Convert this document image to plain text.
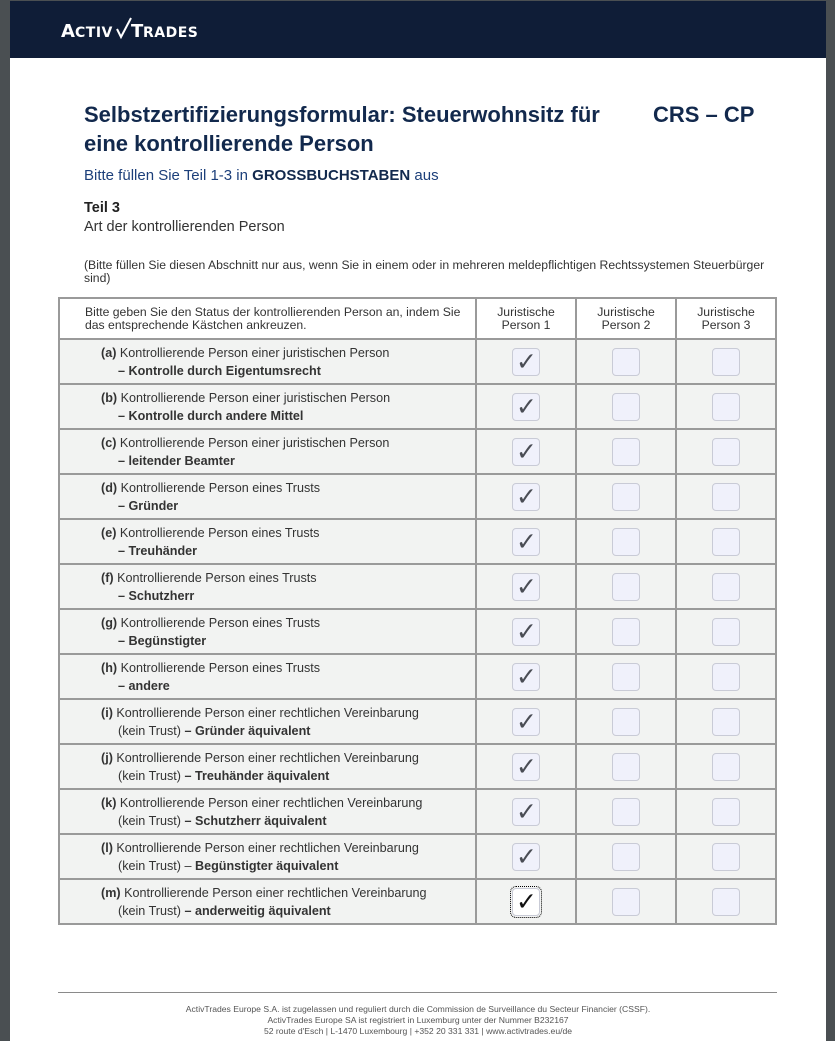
A CTIV T RADES
Selbstzertifizierungsformular: Steuerwohnsitz für eine kontrollierende Person
CRS – CP
Bitte füllen Sie Teil 1-3 in GROSSBUCHSTABEN aus
Teil 3
Art der kontrollierenden Person
(Bitte füllen Sie diesen Abschnitt nur aus, wenn Sie in einem oder in mehreren meldepflichtigen Rechtssystemen Steuerbürger sind)
Bitte geben Sie den Status der kontrollierenden Person an, indem Sie das entsprechende Kästchen ankreuzen.	Juristische Person 1	Juristische Person 2	Juristische Person 3

(a) Kontrollierende Person einer juristischen Person
– Kontrolle durch Eigentumsrecht	✓		

(b) Kontrollierende Person einer juristischen Person
– Kontrolle durch andere Mittel	✓		

(c) Kontrollierende Person einer juristischen Person
– leitender Beamter	✓		

(d) Kontrollierende Person eines Trusts
– Gründer	✓		

(e) Kontrollierende Person eines Trusts
– Treuhänder	✓		

(f) Kontrollierende Person eines Trusts
– Schutzherr	✓		

(g) Kontrollierende Person eines Trusts
– Begünstigter	✓		

(h) Kontrollierende Person eines Trusts
– andere	✓		

(i) Kontrollierende Person einer rechtlichen Vereinbarung
(kein Trust) – Gründer äquivalent	✓		

(j) Kontrollierende Person einer rechtlichen Vereinbarung
(kein Trust) – Treuhänder äquivalent	✓		

(k) Kontrollierende Person einer rechtlichen Vereinbarung
(kein Trust) – Schutzherr äquivalent	✓		

(l) Kontrollierende Person einer rechtlichen Vereinbarung
(kein Trust) – Begünstigter äquivalent	✓		

(m) Kontrollierende Person einer rechtlichen Vereinbarung
(kein Trust) – anderweitig äquivalent	✓		

ActivTrades Europe S.A. ist zugelassen und reguliert durch die Commission de Surveillance du Secteur Financier (CSSF).
ActivTrades Europe SA ist registriert in Luxemburg unter der Nummer B232167
52 route d'Esch | L-1470 Luxembourg | +352 20 331 331 | www.activtrades.eu/de
